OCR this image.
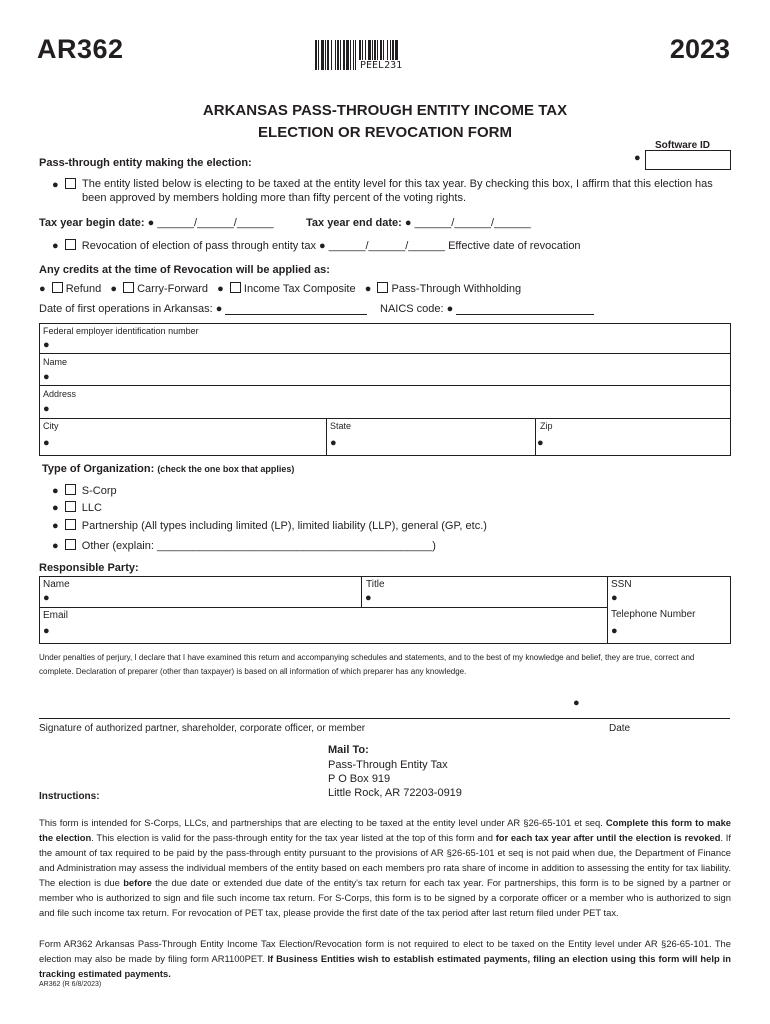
AR362	2023
PEEL231
ARKANSAS PASS-THROUGH ENTITY INCOME TAX
ELECTION OR REVOCATION FORM
Software ID
●
Pass-through entity making the election:
●	The entity listed below is electing to be taxed at the entity level for this tax year. By checking this box, I affirm that this election has
been approved by members holding more than fifty percent of the voting rights.
Tax year begin date: ● ______/______/______	Tax year end date: ● ______/______/______
● Revocation of election of pass through entity tax ● ______/______/______ Effective date of revocation
Any credits at the time of Revocation will be applied as:
● Refund ● Carry-Forward ● Income Tax Composite ● Pass-Through Withholding
Date of first operations in Arkansas: ●	NAICS code: ●
Federal employer identification number
●
Name
●
Address
●
City
●
State
●
Zip
●
Type of Organization: (check the one box that applies)
● S-Corp
● LLC
● Partnership (All types including limited (LP), limited liability (LLP), general (GP, etc.)
● Other (explain: _____________________________________________)
Responsible Party:
Name
●
Title
●
SSN
●
Email
●
Telephone Number
●
Under penalties of perjury, I declare that I have examined this return and accompanying schedules and statements, and to the best of my knowledge and belief, they are true, correct and
complete. Declaration of preparer (other than taxpayer) is based on all information of which preparer has any knowledge.
●
Signature of authorized partner, shareholder, corporate officer, or member	Date
Mail To:
Pass-Through Entity Tax
P O Box 919
Little Rock, AR 72203-0919
Instructions:
This form is intended for S-Corps, LLCs, and partnerships that are electing to be taxed at the entity level under AR §26-65-101 et seq. Complete this form to make the election. This election is valid for the pass-through entity for the tax year listed at the top of this form and for each tax year after until the election is revoked. If the amount of tax required to be paid by the pass-through entity pursuant to the provisions of AR §26-65-101 et seq is not paid when due, the Department of Finance and Administration may assess the individual members of the entity based on each members pro rata share of income in addition to assessing the entity for tax liability. The election is due before the due date or extended due date of the entity's tax return for each tax year. For partnerships, this form is to be signed by a partner or member who is authorized to sign and file such income tax return. For S-Corps, this form is to be signed by a corporate officer or a member who is authorized to sign and file such income tax return. For revocation of PET tax, please provide the first date of the tax period after last return filed under PET tax.
Form AR362 Arkansas Pass-Through Entity Income Tax Election/Revocation form is not required to elect to be taxed on the Entity level under AR §26-65-101. The election may also be made by filing form AR1100PET. If Business Entities wish to establish estimated payments, filing an election using this form will help in tracking estimated payments.
AR362 (R 6/8/2023)
